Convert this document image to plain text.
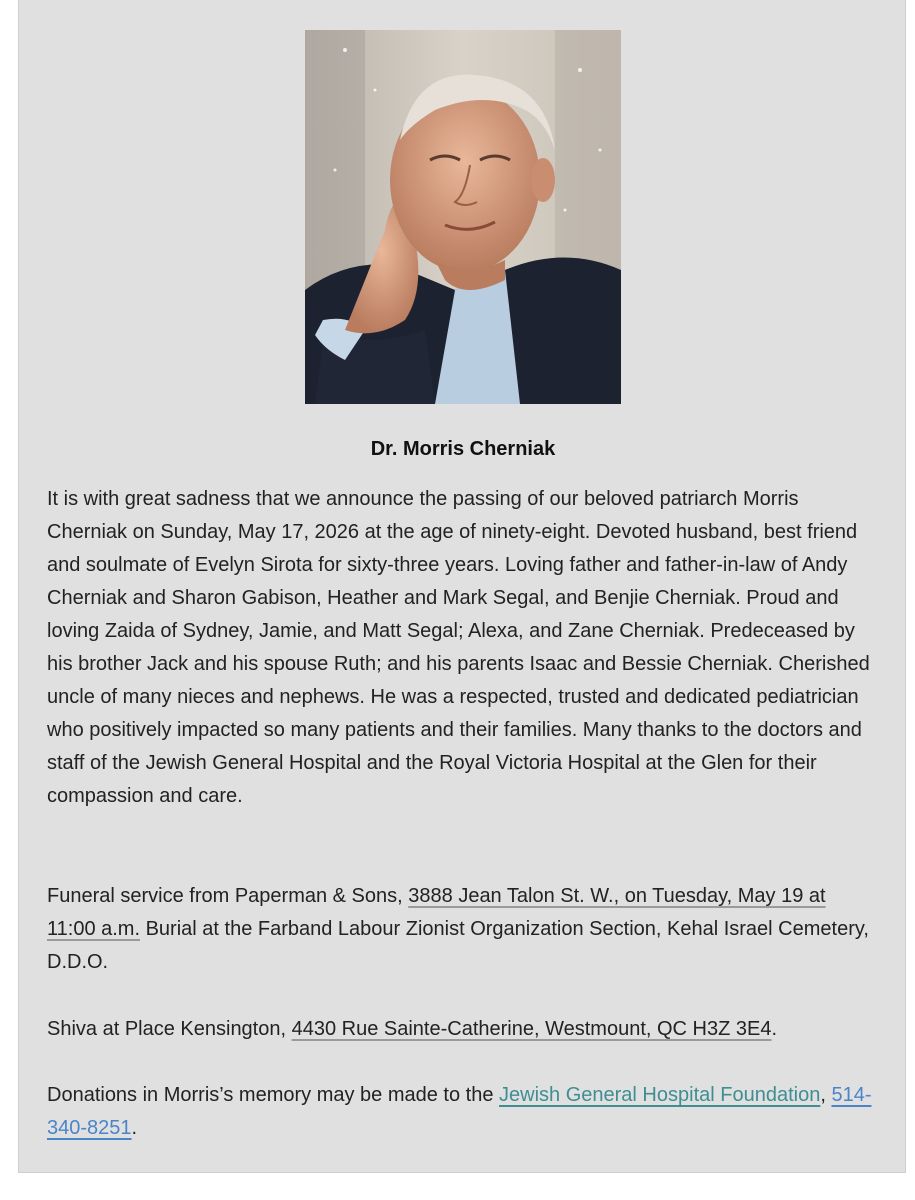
Dr. Morris Cherniak

It is with great sadness that we announce the passing of our beloved patriarch Morris Cherniak on Sunday, May 17, 2026 at the age of ninety-eight. Devoted husband, best friend and soulmate of Evelyn Sirota for sixty-three years. Loving father and father-in-law of Andy Cherniak and Sharon Gabison, Heather and Mark Segal, and Benjie Cherniak. Proud and loving Zaida of Sydney, Jamie, and Matt Segal; Alexa, and Zane Cherniak. Predeceased by his brother Jack and his spouse Ruth; and his parents Isaac and Bessie Cherniak. Cherished uncle of many nieces and nephews. He was a respected, trusted and dedicated pediatrician who positively impacted so many patients and their families. Many thanks to the doctors and staff of the Jewish General Hospital and the Royal Victoria Hospital at the Glen for their compassion and care.

Funeral service from Paperman & Sons, 3888 Jean Talon St. W., on Tuesday, May 19 at 11:00 a.m. Burial at the Farband Labour Zionist Organization Section, Kehal Israel Cemetery, D.D.O.

Shiva at Place Kensington, 4430 Rue Sainte-Catherine, Westmount, QC H3Z 3E4.

Donations in Morris’s memory may be made to the Jewish General Hospital Foundation, 514-340-8251.
